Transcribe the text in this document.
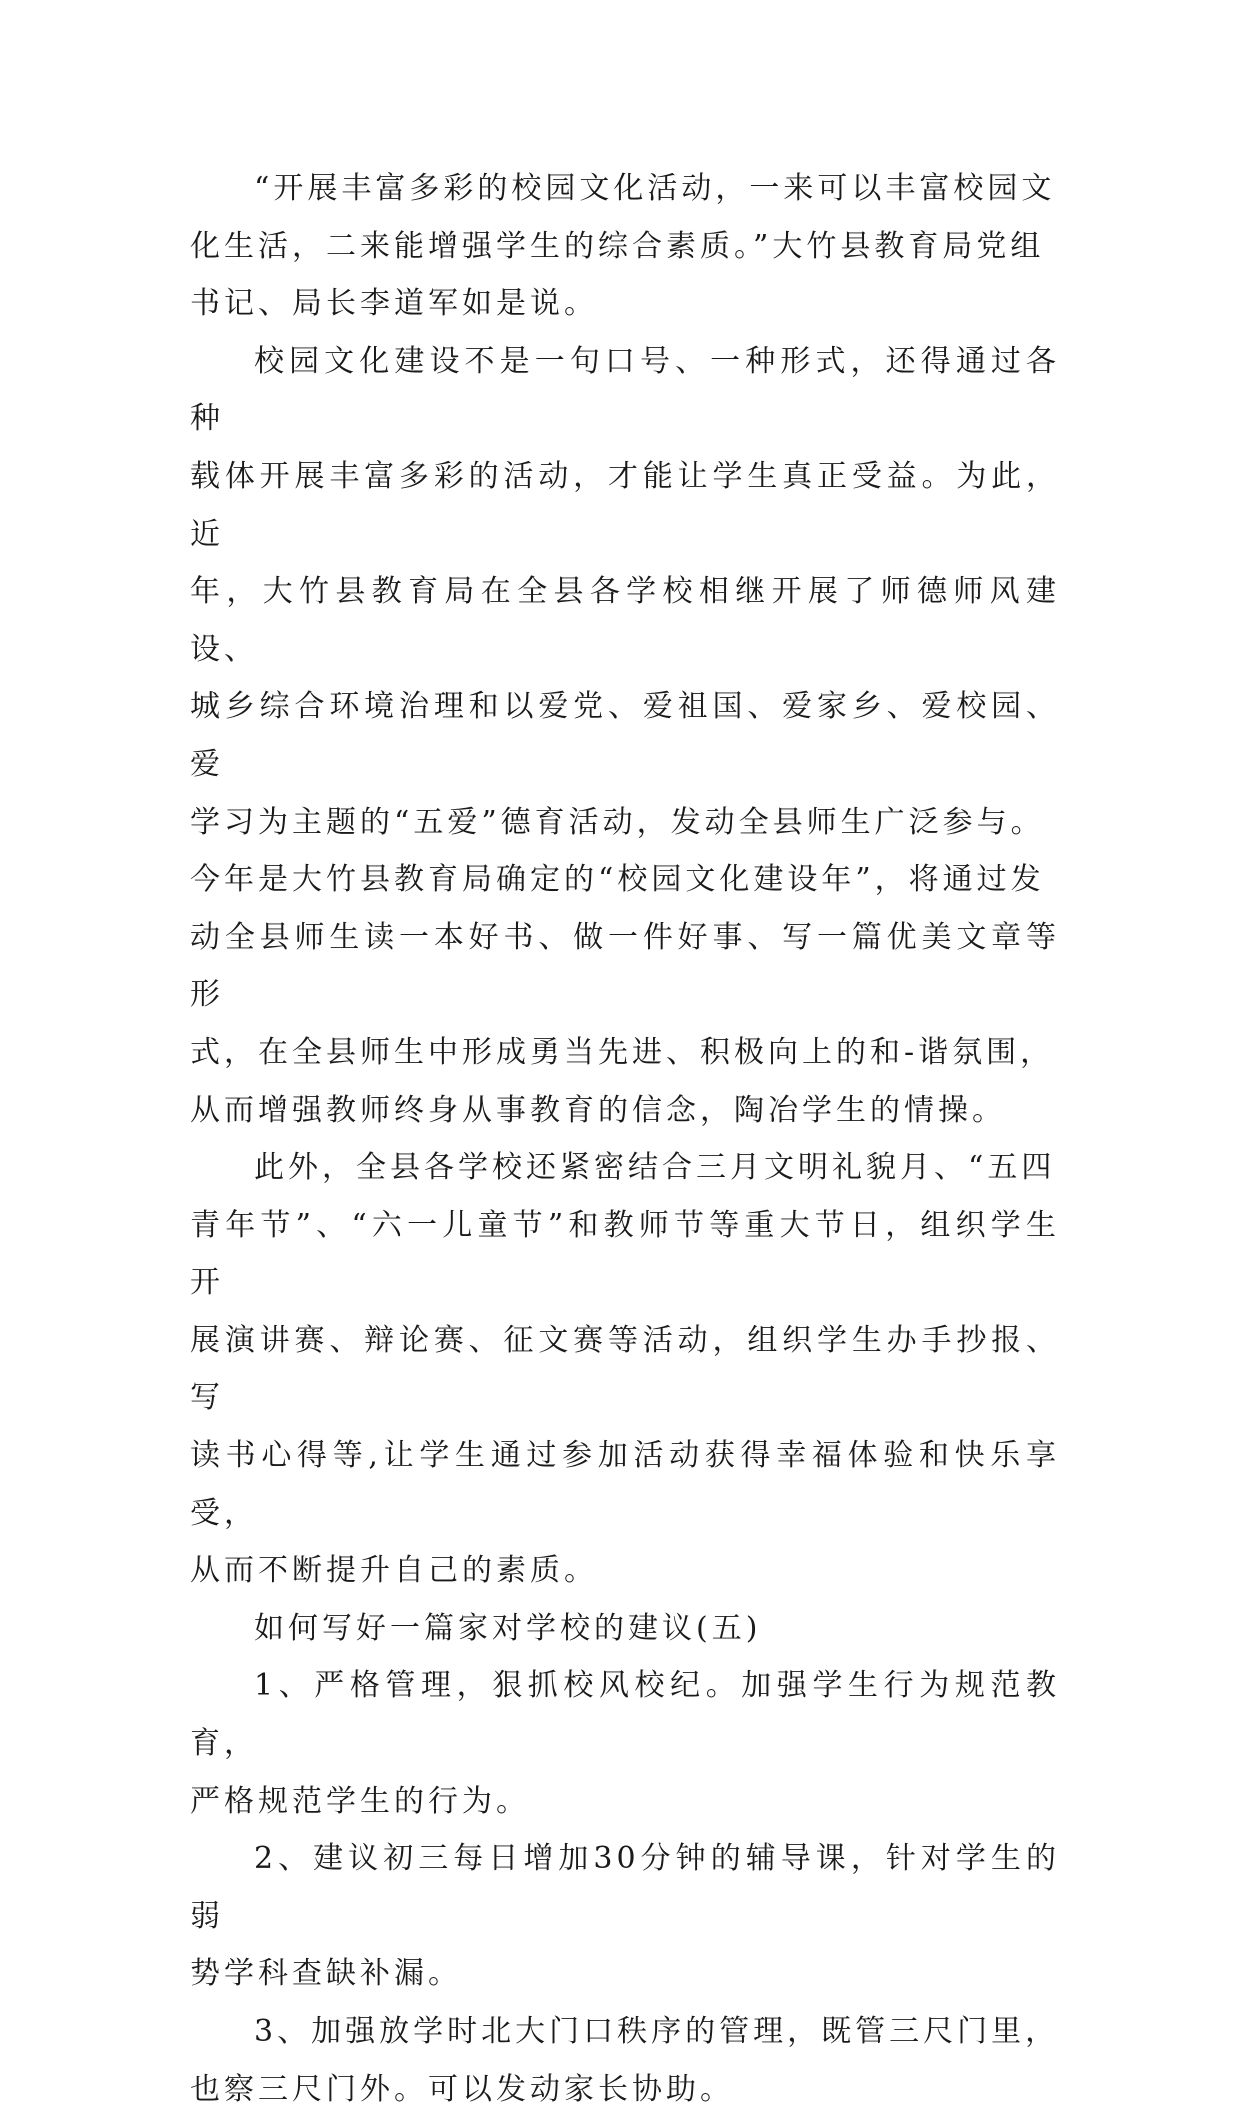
“开展丰富多彩的校园文化活动，一来可以丰富校园文
化生活，二来能增强学生的综合素质。”大竹县教育局党组
书记、局长李道军如是说。

校园文化建设不是一句口号、一种形式，还得通过各种
载体开展丰富多彩的活动，才能让学生真正受益。为此，近
年，大竹县教育局在全县各学校相继开展了师德师风建设、
城乡综合环境治理和以爱党、爱祖国、爱家乡、爱校园、爱
学习为主题的“五爱”德育活动，发动全县师生广泛参与。
今年是大竹县教育局确定的“校园文化建设年”，将通过发
动全县师生读一本好书、做一件好事、写一篇优美文章等形
式，在全县师生中形成勇当先进、积极向上的和-谐氛围，
从而增强教师终身从事教育的信念，陶冶学生的情操。

此外，全县各学校还紧密结合三月文明礼貌月、“五四
青年节”、“六一儿童节”和教师节等重大节日，组织学生开
展演讲赛、辩论赛、征文赛等活动，组织学生办手抄报、写
读书心得等,让学生通过参加活动获得幸福体验和快乐享受，
从而不断提升自己的素质。

如何写好一篇家对学校的建议(五)

1、严格管理，狠抓校风校纪。加强学生行为规范教育，
严格规范学生的行为。

2、建议初三每日增加30分钟的辅导课，针对学生的弱
势学科查缺补漏。

3、加强放学时北大门口秩序的管理，既管三尺门里，
也察三尺门外。可以发动家长协助。
